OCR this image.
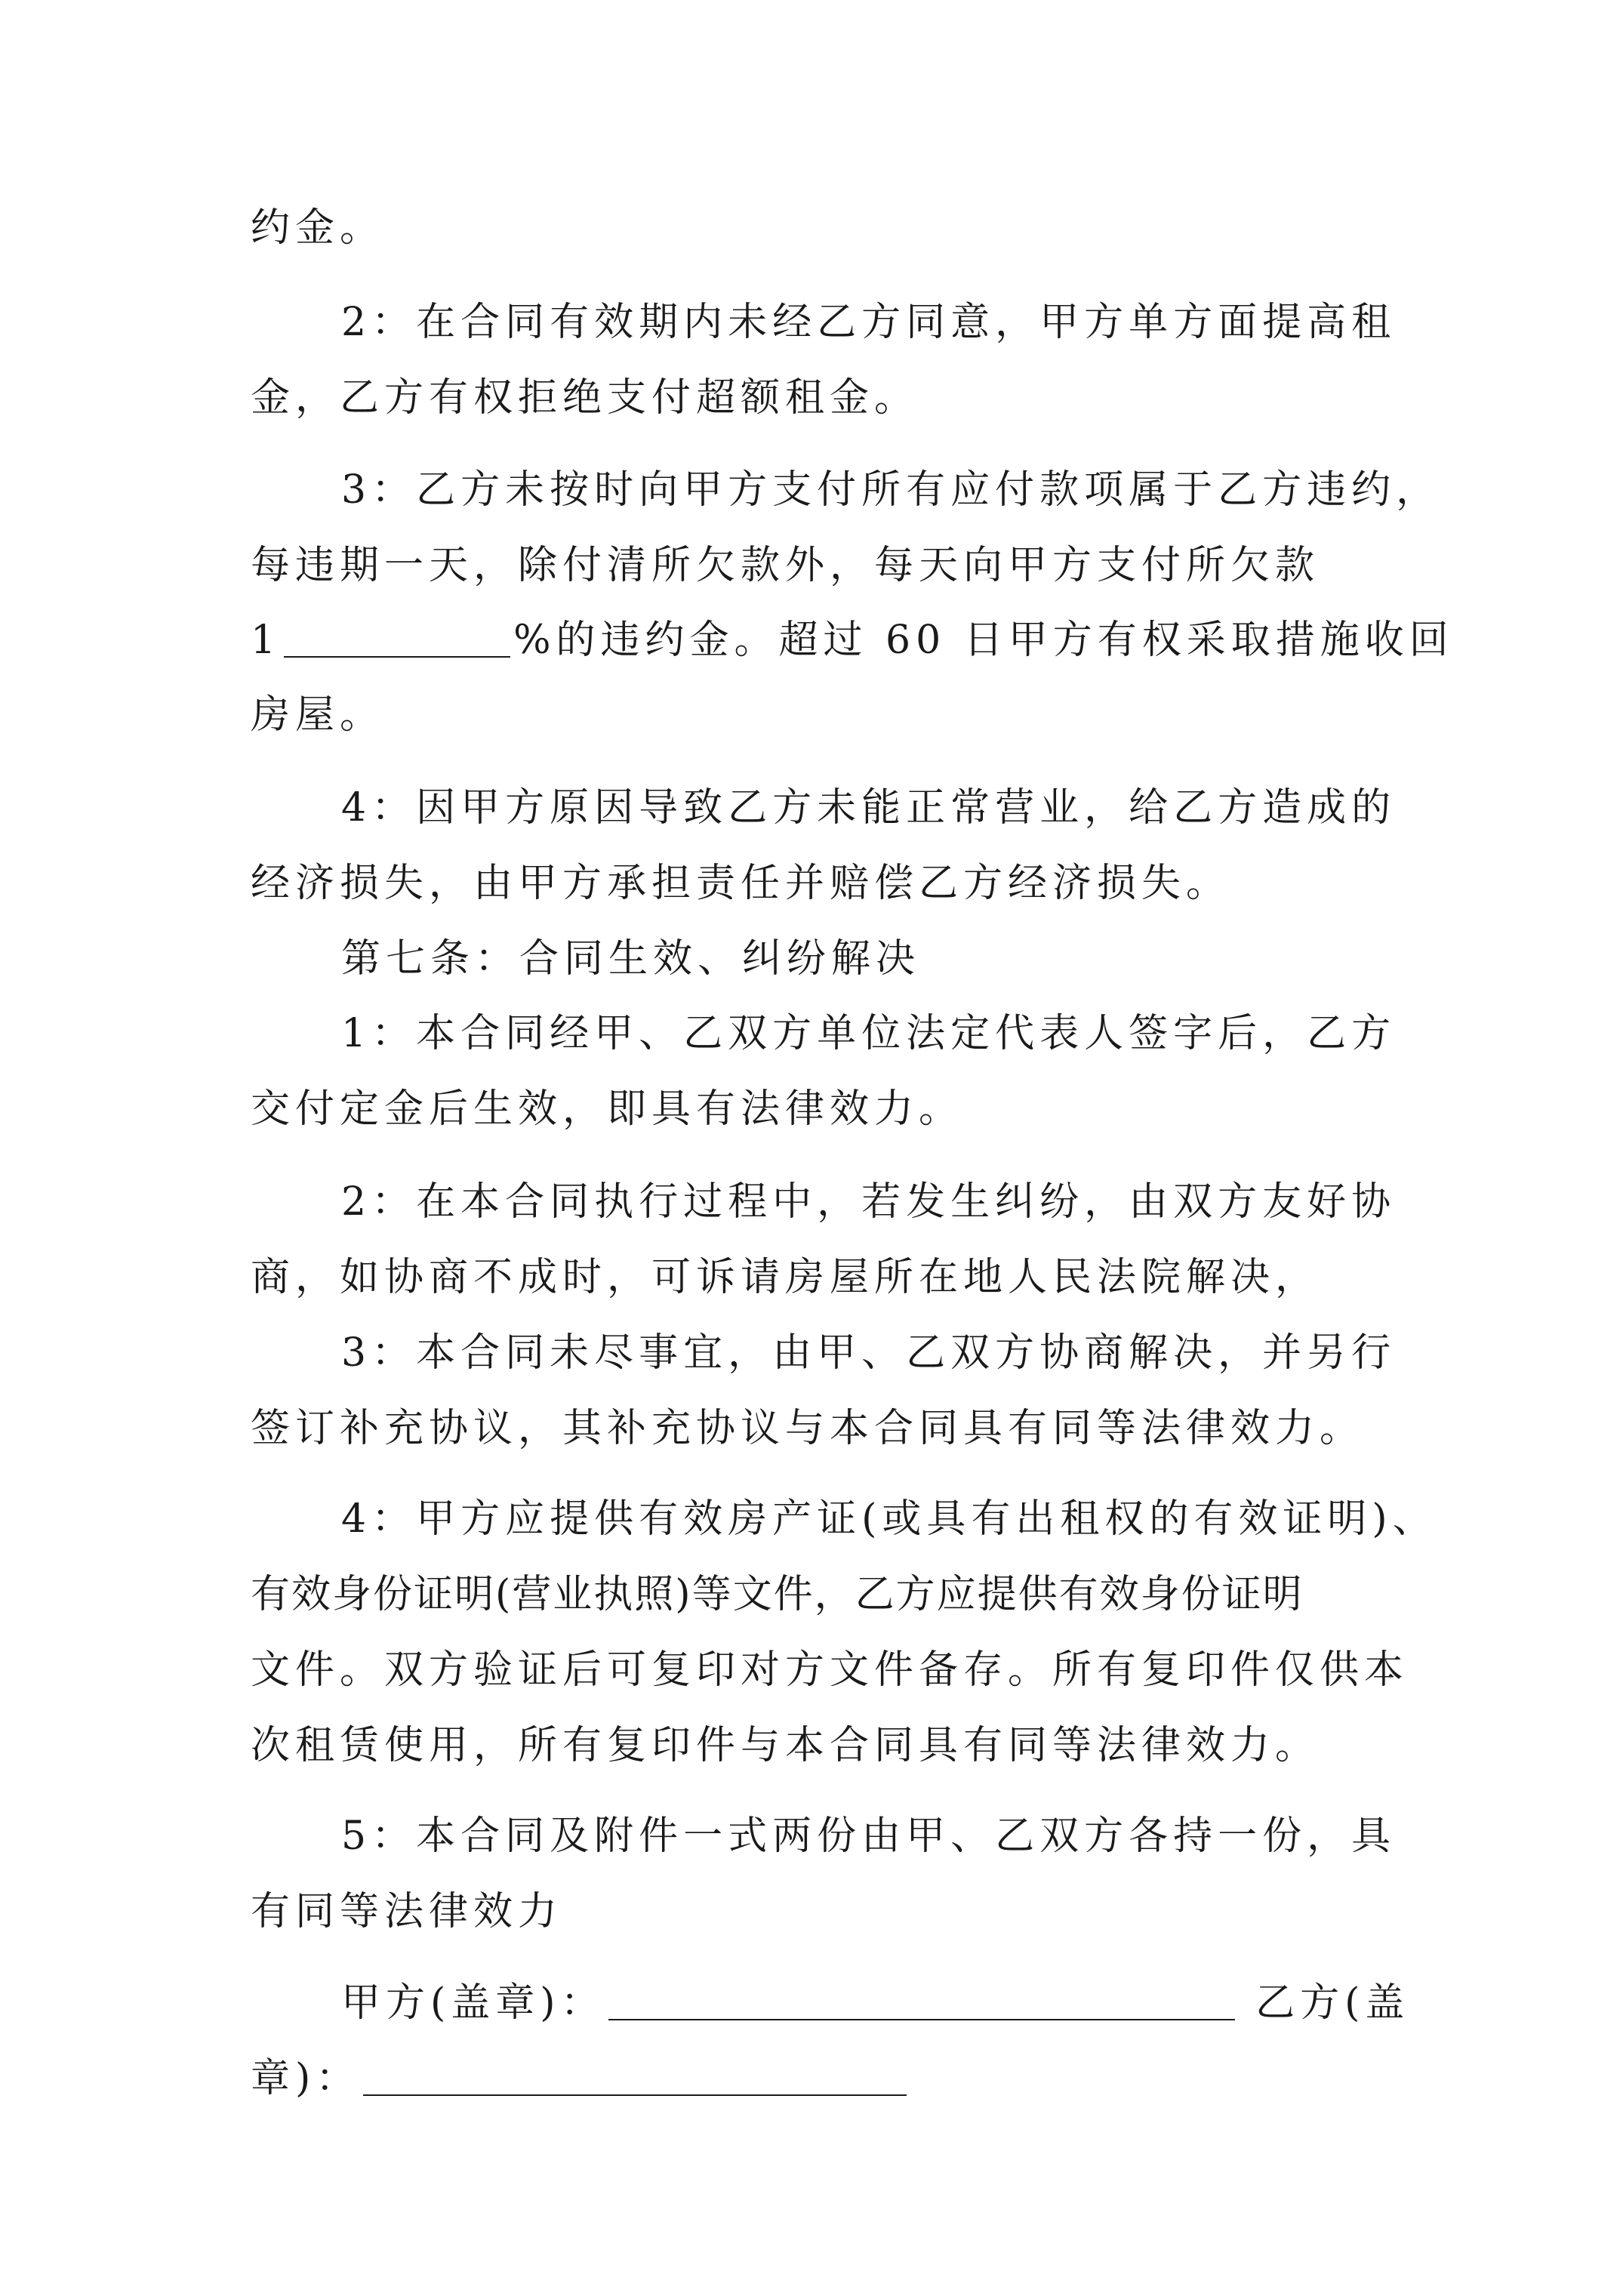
约金。
2：在合同有效期内未经乙方同意，甲方单方面提高租
金，乙方有权拒绝支付超额租金。
3：乙方未按时向甲方支付所有应付款项属于乙方违约，
每违期一天，除付清所欠款外，每天向甲方支付所欠款
1	%的违约金。超过 60 日甲方有权采取措施收回
房屋。
4：因甲方原因导致乙方未能正常营业，给乙方造成的
经济损失，由甲方承担责任并赔偿乙方经济损失。
第七条：合同生效、纠纷解决
1：本合同经甲、乙双方单位法定代表人签字后，乙方
交付定金后生效，即具有法律效力。
2：在本合同执行过程中，若发生纠纷，由双方友好协
商，如协商不成时，可诉请房屋所在地人民法院解决，
3：本合同未尽事宜，由甲、乙双方协商解决，并另行
签订补充协议，其补充协议与本合同具有同等法律效力。
4：甲方应提供有效房产证(或具有出租权的有效证明)、
有效身份证明(营业执照)等文件，乙方应提供有效身份证明
文件。双方验证后可复印对方文件备存。所有复印件仅供本
次租赁使用，所有复印件与本合同具有同等法律效力。
5：本合同及附件一式两份由甲、乙双方各持一份，具
有同等法律效力
甲方(盖章)：	乙方(盖
章)：
